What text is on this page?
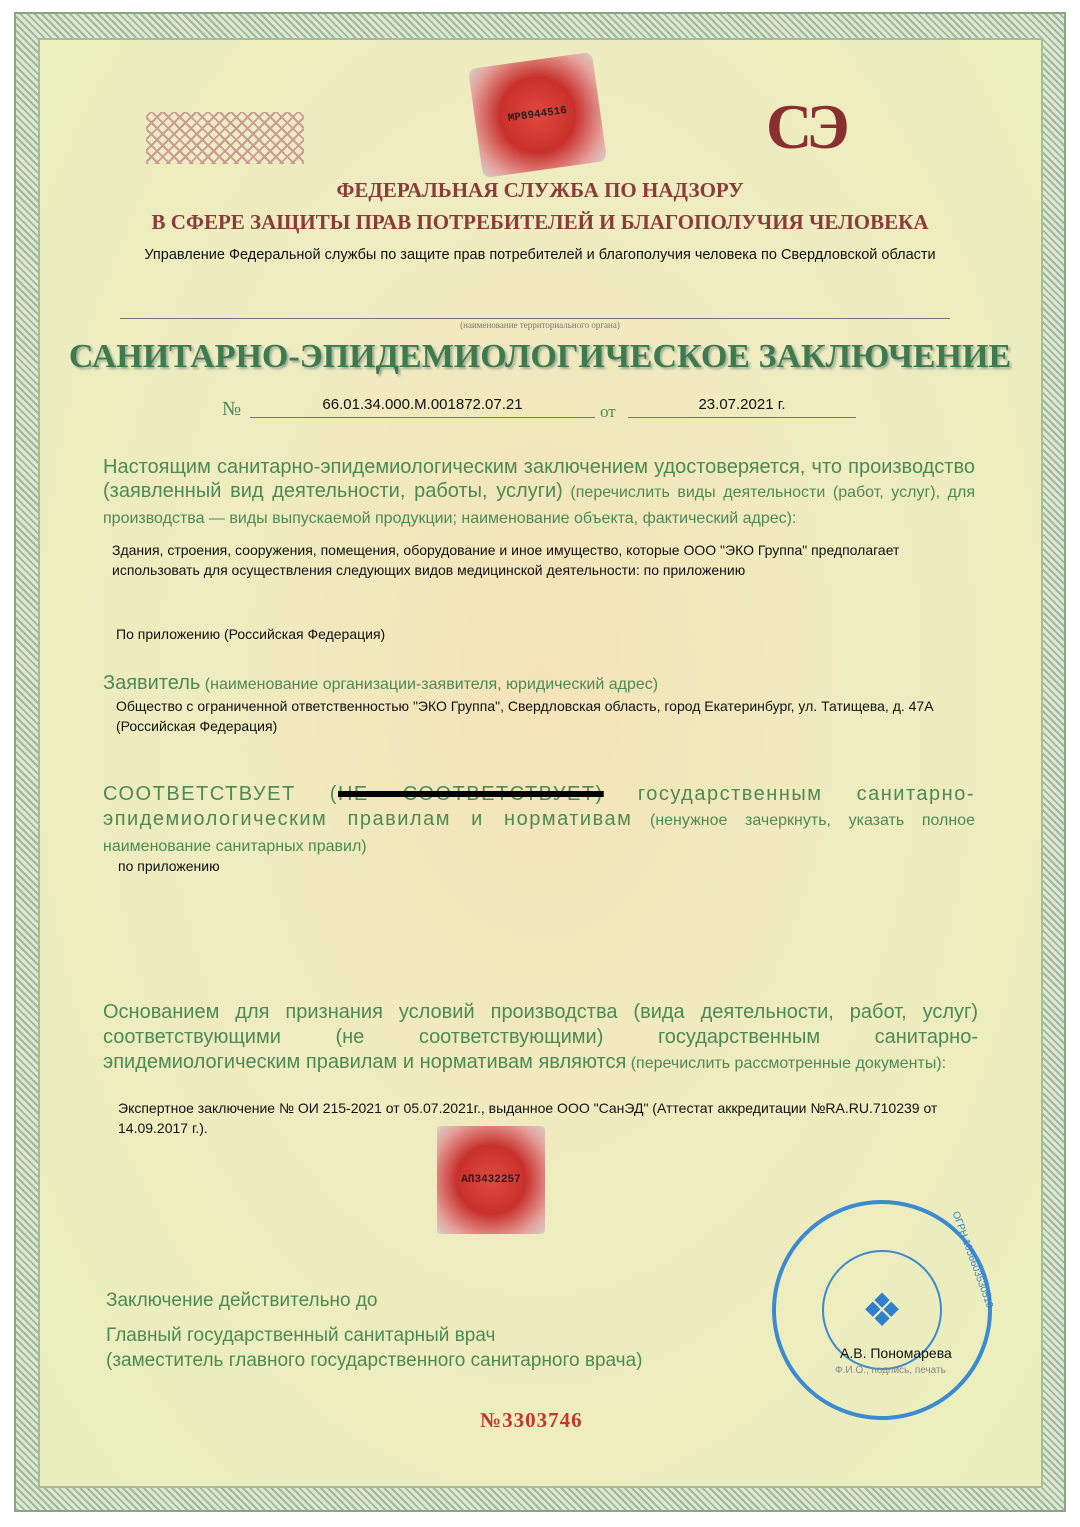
MP8944516	СЭ
ФЕДЕРАЛЬНАЯ СЛУЖБА ПО НАДЗОРУ
В СФЕРЕ ЗАЩИТЫ ПРАВ ПОТРЕБИТЕЛЕЙ И БЛАГОПОЛУЧИЯ ЧЕЛОВЕКА
Управление Федеральной службы по защите прав потребителей и благополучия человека по Свердловской области
(наименование территориального органа)
САНИТАРНО-ЭПИДЕМИОЛОГИЧЕСКОЕ ЗАКЛЮЧЕНИЕ
№	66.01.34.000.М.001872.07.21	от	23.07.2021 г.
Настоящим санитарно-эпидемиологическим заключением удостоверяется, что производство (заявленный вид деятельности, работы, услуги) (перечислить виды деятельности (работ, услуг), для производства — виды выпускаемой продукции; наименование объекта, фактический адрес):
Здания, строения, сооружения, помещения, оборудование и иное имущество, которые ООО "ЭКО Группа" предполагает использовать для осуществления следующих видов медицинской деятельности: по приложению
По приложению (Российская Федерация)
Заявитель (наименование организации-заявителя, юридический адрес)
Общество с ограниченной ответственностью "ЭКО Группа", Свердловская область, город Екатеринбург, ул. Татищева, д. 47А (Российская Федерация)
СООТВЕТСТВУЕТ (НЕ СООТВЕТСТВУЕТ) государственным санитарно-эпидемиологическим правилам и нормативам (ненужное зачеркнуть, указать полное наименование санитарных правил)
по приложению
Основанием для признания условий производства (вида деятельности, работ, услуг) соответствующими (не соответствующими) государственным санитарно-эпидемиологическим правилам и нормативам являются (перечислить рассмотренные документы):
Экспертное заключение № ОИ 215-2021 от 05.07.2021г., выданное ООО "СанЭД" (Аттестат аккредитации №RA.RU.710239 от 14.09.2017 г.).
АП3432257
Заключение действительно до
Главный государственный санитарный врач
(заместитель главного государственного санитарного врача)
❖
ОГРН 1056603530510
А.В. Пономарева
Ф.И.О., подпись, печать
№3303746
